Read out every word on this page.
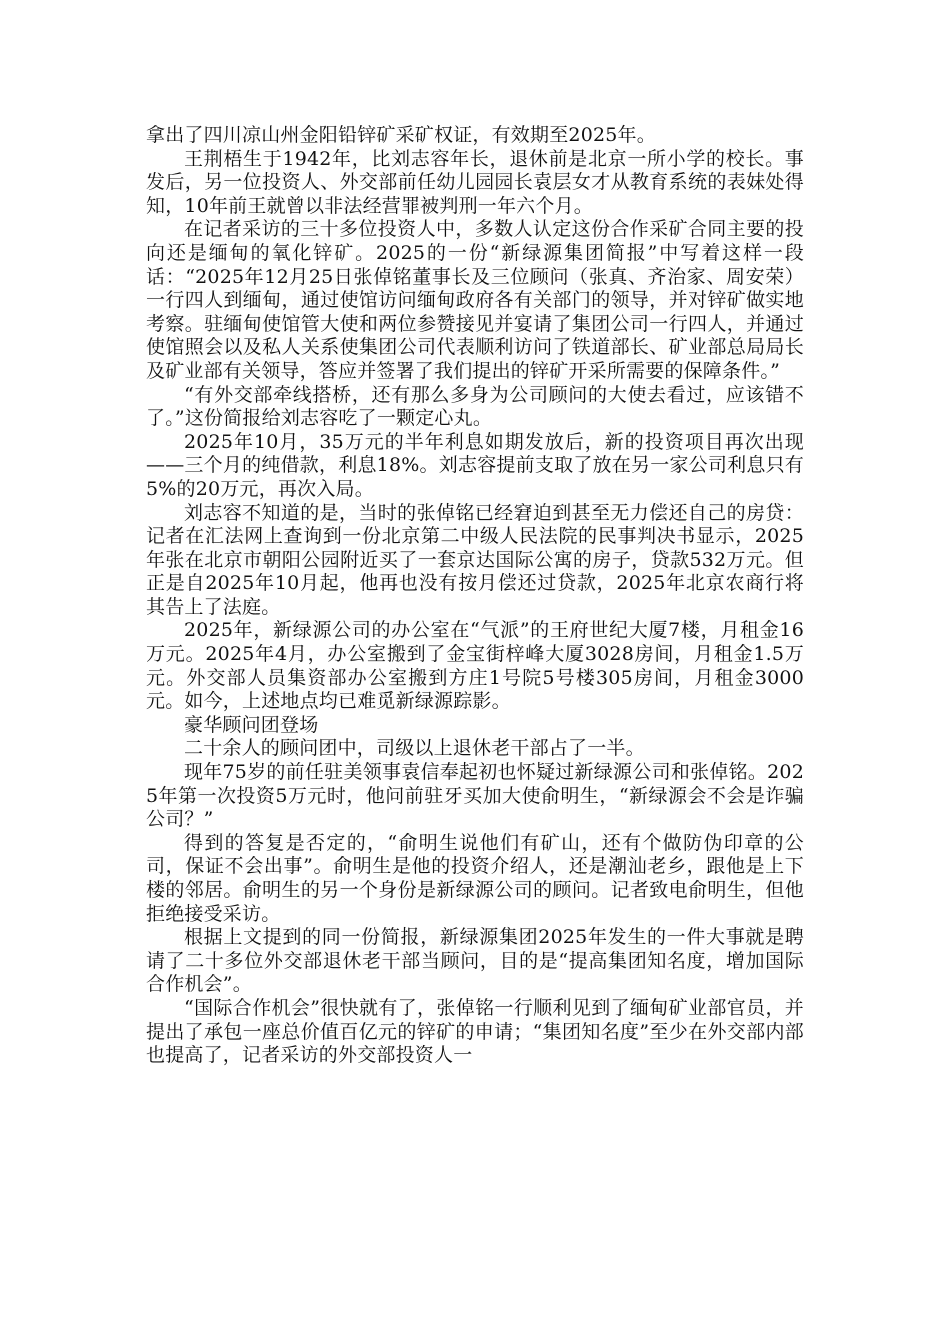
拿出了四川凉山州金阳铅锌矿采矿权证，有效期至2025年。

王荆梧生于1942年，比刘志容年长，退休前是北京一所小学的校长。事发后，另一位投资人、外交部前任幼儿园园长袁层女才从教育系统的表妹处得知，10年前王就曾以非法经营罪被判刑一年六个月。

在记者采访的三十多位投资人中，多数人认定这份合作采矿合同主要的投向还是缅甸的氧化锌矿。2025的一份“新绿源集团简报”中写着这样一段话：“2025年12月25日张倬铭董事长及三位顾问（张真、齐治家、周安荣）一行四人到缅甸，通过使馆访问缅甸政府各有关部门的领导，并对锌矿做实地考察。驻缅甸使馆管大使和两位参赞接见并宴请了集团公司一行四人，并通过使馆照会以及私人关系使集团公司代表顺利访问了铁道部长、矿业部总局局长及矿业部有关领导，答应并签署了我们提出的锌矿开采所需要的保障条件。”

“有外交部牵线搭桥，还有那么多身为公司顾问的大使去看过，应该错不了。”这份简报给刘志容吃了一颗定心丸。

2025年10月，35万元的半年利息如期发放后，新的投资项目再次出现——三个月的纯借款，利息18%。刘志容提前支取了放在另一家公司利息只有5%的20万元，再次入局。

刘志容不知道的是，当时的张倬铭已经窘迫到甚至无力偿还自己的房贷：记者在汇法网上查询到一份北京第二中级人民法院的民事判决书显示，2025年张在北京市朝阳公园附近买了一套京达国际公寓的房子，贷款532万元。但正是自2025年10月起，他再也没有按月偿还过贷款，2025年北京农商行将其告上了法庭。

2025年，新绿源公司的办公室在“气派”的王府世纪大厦7楼，月租金16万元。2025年4月，办公室搬到了金宝街梓峰大厦3028房间，月租金1.5万元。外交部人员集资部办公室搬到方庄1号院5号楼305房间，月租金3000元。如今，上述地点均已难觅新绿源踪影。

豪华顾问团登场

二十余人的顾问团中，司级以上退休老干部占了一半。

现年75岁的前任驻美领事袁信奉起初也怀疑过新绿源公司和张倬铭。2025年第一次投资5万元时，他问前驻牙买加大使俞明生，“新绿源会不会是诈骗公司？”

得到的答复是否定的，“俞明生说他们有矿山，还有个做防伪印章的公司，保证不会出事”。俞明生是他的投资介绍人，还是潮汕老乡，跟他是上下楼的邻居。俞明生的另一个身份是新绿源公司的顾问。记者致电俞明生，但他拒绝接受采访。

根据上文提到的同一份简报，新绿源集团2025年发生的一件大事就是聘请了二十多位外交部退休老干部当顾问，目的是“提高集团知名度，增加国际合作机会”。

“国际合作机会”很快就有了，张倬铭一行顺利见到了缅甸矿业部官员，并提出了承包一座总价值百亿元的锌矿的申请；“集团知名度”至少在外交部内部也提高了，记者采访的外交部投资人一
